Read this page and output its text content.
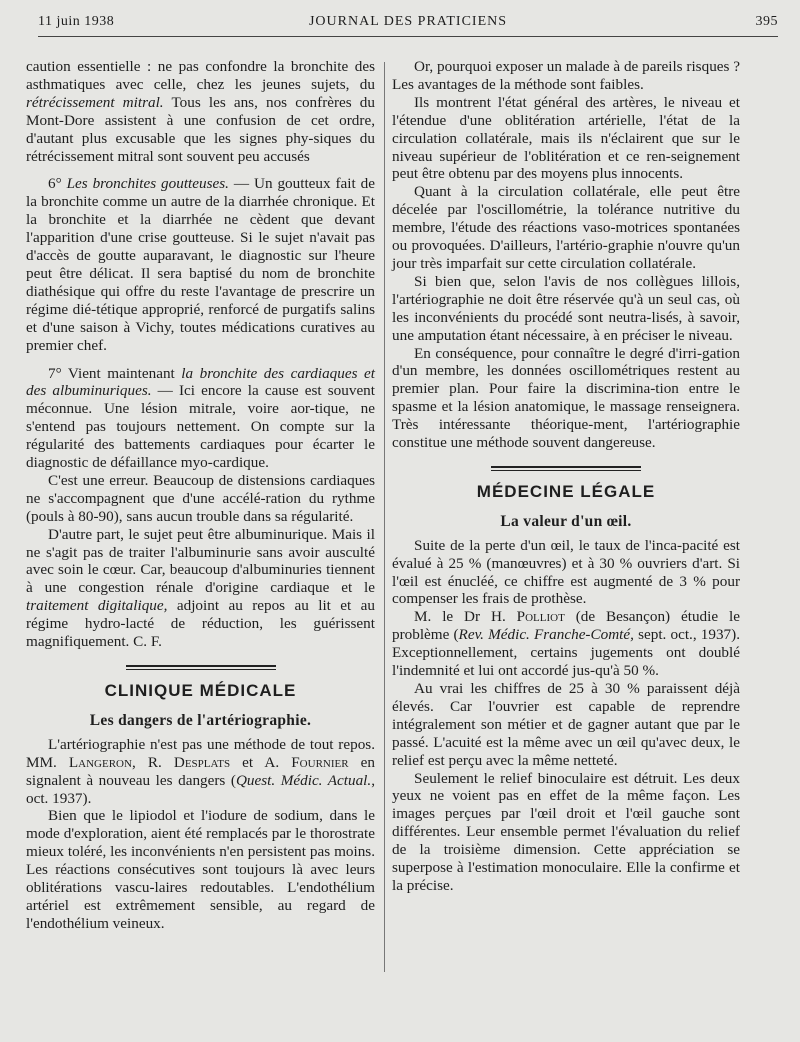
11 juin 1938	JOURNAL DES PRATICIENS	395

caution essentielle : ne pas confondre la bronchite des asthmatiques avec celle, chez les jeunes sujets, du rétrécissement mitral. Tous les ans, nos confrères du Mont-Dore assistent à une confusion de cet ordre, d'autant plus excusable que les signes phy-siques du rétrécissement mitral sont souvent peu accusés

6° Les bronchites goutteuses. — Un goutteux fait de la bronchite comme un autre de la diarrhée chronique. Et la bronchite et la diarrhée ne cèdent que devant l'apparition d'une crise goutteuse. Si le sujet n'avait pas d'accès de goutte auparavant, le diagnostic sur l'heure peut être délicat. Il sera baptisé du nom de bronchite diathésique qui offre du reste l'avantage de prescrire un régime dié-tétique approprié, renforcé de purgatifs salins et d'une saison à Vichy, toutes médications curatives au premier chef.

7° Vient maintenant la bronchite des cardiaques et des albuminuriques. — Ici encore la cause est souvent méconnue. Une lésion mitrale, voire aor-tique, ne s'entend pas toujours nettement. On compte sur la régularité des battements cardiaques pour écarter le diagnostic de défaillance myo-cardique.

C'est une erreur. Beaucoup de distensions cardiaques ne s'accompagnent que d'une accélé-ration du rythme (pouls à 80-90), sans aucun trouble dans sa régularité.

D'autre part, le sujet peut être albuminurique. Mais il ne s'agit pas de traiter l'albuminurie sans avoir ausculté avec soin le cœur. Car, beaucoup d'albuminuries tiennent à une congestion rénale d'origine cardiaque et le traitement digitalique, adjoint au repos au lit et au régime hydro-lacté de réduction, les guérissent magnifiquement. C. F.

CLINIQUE MÉDICALE
Les dangers de l'artériographie.

L'artériographie n'est pas une méthode de tout repos. MM. Langeron, R. Desplats et A. Fournier en signalent à nouveau les dangers (Quest. Médic. Actual., oct. 1937).

Bien que le lipiodol et l'iodure de sodium, dans le mode d'exploration, aient été remplacés par le thorostrate mieux toléré, les inconvénients n'en persistent pas moins. Les réactions consécutives sont toujours là avec leurs oblitérations vascu-laires redoutables. L'endothélium artériel est extrêmement sensible, au regard de l'endothélium veineux.

Or, pourquoi exposer un malade à de pareils risques ? Les avantages de la méthode sont faibles.

Ils montrent l'état général des artères, le niveau et l'étendue d'une oblitération artérielle, l'état de la circulation collatérale, mais ils n'éclairent que sur le niveau supérieur de l'oblitération et ce ren-seignement peut être obtenu par des moyens plus innocents.

Quant à la circulation collatérale, elle peut être décelée par l'oscillométrie, la tolérance nutritive du membre, l'étude des réactions vaso-motrices spontanées ou provoquées. D'ailleurs, l'artério-graphie n'ouvre qu'un jour très imparfait sur cette circulation collatérale.

Si bien que, selon l'avis de nos collègues lillois, l'artériographie ne doit être réservée qu'à un seul cas, où les inconvénients du procédé sont neutra-lisés, à savoir, une amputation étant nécessaire, à en préciser le niveau.

En conséquence, pour connaître le degré d'irri-gation d'un membre, les données oscillométriques restent au premier plan. Pour faire la discrimina-tion entre le spasme et la lésion anatomique, le massage renseignera. Très intéressante théorique-ment, l'artériographie constitue une méthode souvent dangereuse.

MÉDECINE LÉGALE
La valeur d'un œil.

Suite de la perte d'un œil, le taux de l'inca-pacité est évalué à 25 % (manœuvres) et à 30 % ouvriers d'art. Si l'œil est énucléé, ce chiffre est augmenté de 3 % pour compenser les frais de prothèse.

M. le Dr H. Polliot (de Besançon) étudie le problème (Rev. Médic. Franche-Comté, sept. oct., 1937). Exceptionnellement, certains jugements ont doublé l'indemnité et lui ont accordé jus-qu'à 50 %.

Au vrai les chiffres de 25 à 30 % paraissent déjà élevés. Car l'ouvrier est capable de reprendre intégralement son métier et de gagner autant que par le passé. L'acuité est la même avec un œil qu'avec deux, le relief est perçu avec la même netteté.

Seulement le relief binoculaire est détruit. Les deux yeux ne voient pas en effet de la même façon. Les images perçues par l'œil droit et l'œil gauche sont différentes. Leur ensemble permet l'évaluation du relief de la troisième dimension. Cette appréciation se superpose à l'estimation monoculaire. Elle la confirme et la précise.
